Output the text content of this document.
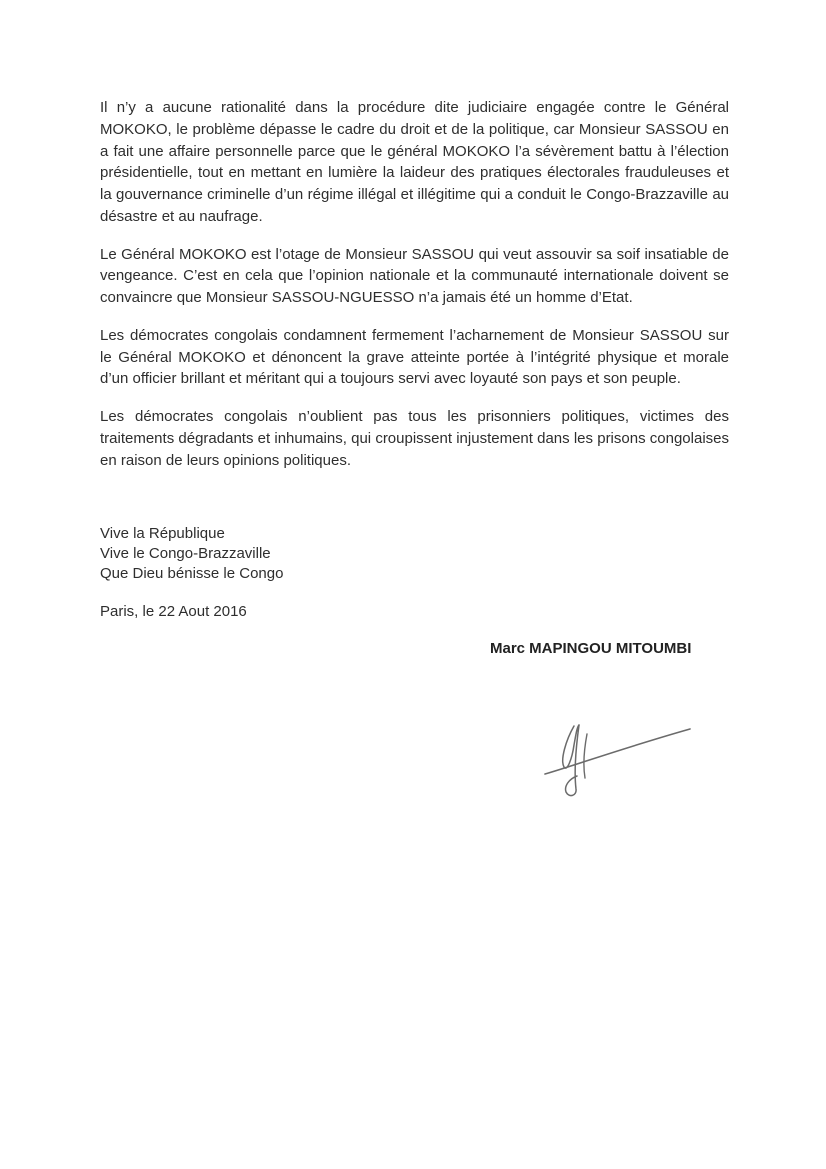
Il n’y a aucune rationalité dans la procédure dite judiciaire engagée contre le Général MOKOKO, le problème dépasse le cadre du droit et de la politique, car Monsieur SASSOU en a fait une affaire personnelle parce que le général MOKOKO l’a sévèrement battu à l’élection présidentielle, tout en mettant en lumière la laideur des pratiques électorales frauduleuses et la gouvernance criminelle d’un régime illégal et illégitime qui a conduit le Congo-Brazzaville au désastre et au naufrage.

Le Général MOKOKO est l’otage de Monsieur SASSOU qui veut assouvir sa soif insatiable de vengeance. C’est en cela que l’opinion nationale et la communauté internationale doivent se convaincre que Monsieur SASSOU-NGUESSO n’a jamais été un homme d’Etat.

Les démocrates congolais condamnent fermement l’acharnement de Monsieur SASSOU sur le Général MOKOKO et dénoncent la grave atteinte portée à l’intégrité physique et morale d’un officier brillant et méritant qui a toujours servi avec loyauté son pays et son peuple.

Les démocrates congolais n’oublient pas tous les prisonniers politiques, victimes des traitements dégradants et inhumains, qui croupissent injustement dans les prisons congolaises en raison de leurs opinions politiques.

Vive la République
Vive le Congo-Brazzaville
Que Dieu bénisse le Congo
Paris, le 22 Aout 2016
Marc MAPINGOU MITOUMBI
